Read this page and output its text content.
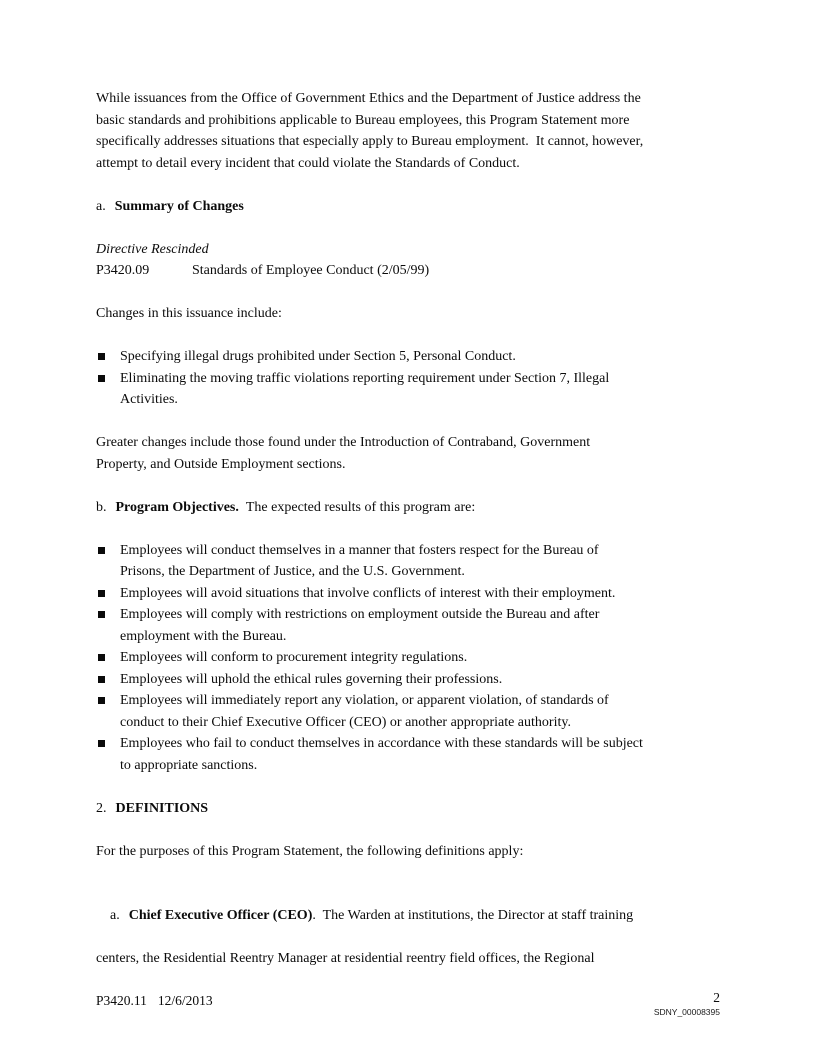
While issuances from the Office of Government Ethics and the Department of Justice address the
basic standards and prohibitions applicable to Bureau employees, this Program Statement more
specifically addresses situations that especially apply to Bureau employment.  It cannot, however,
attempt to detail every incident that could violate the Standards of Conduct.
a. Summary of Changes
Directive Rescinded
P3420.09	Standards of Employee Conduct (2/05/99)
Changes in this issuance include:
Specifying illegal drugs prohibited under Section 5, Personal Conduct.
Eliminating the moving traffic violations reporting requirement under Section 7, Illegal
Activities.
Greater changes include those found under the Introduction of Contraband, Government
Property, and Outside Employment sections.
b. Program Objectives. The expected results of this program are:
Employees will conduct themselves in a manner that fosters respect for the Bureau of
Prisons, the Department of Justice, and the U.S. Government.
Employees will avoid situations that involve conflicts of interest with their employment.
Employees will comply with restrictions on employment outside the Bureau and after
employment with the Bureau.
Employees will conform to procurement integrity regulations.
Employees will uphold the ethical rules governing their professions.
Employees will immediately report any violation, or apparent violation, of standards of
conduct to their Chief Executive Officer (CEO) or another appropriate authority.
Employees who fail to conduct themselves in accordance with these standards will be subject
to appropriate sanctions.
2. DEFINITIONS
For the purposes of this Program Statement, the following definitions apply:

a. Chief Executive Officer (CEO).  The Warden at institutions, the Director at staff training

centers, the Residential Reentry Manager at residential reentry field offices, the Regional

P3420.11 12/6/2013	2
SDNY_00008395
